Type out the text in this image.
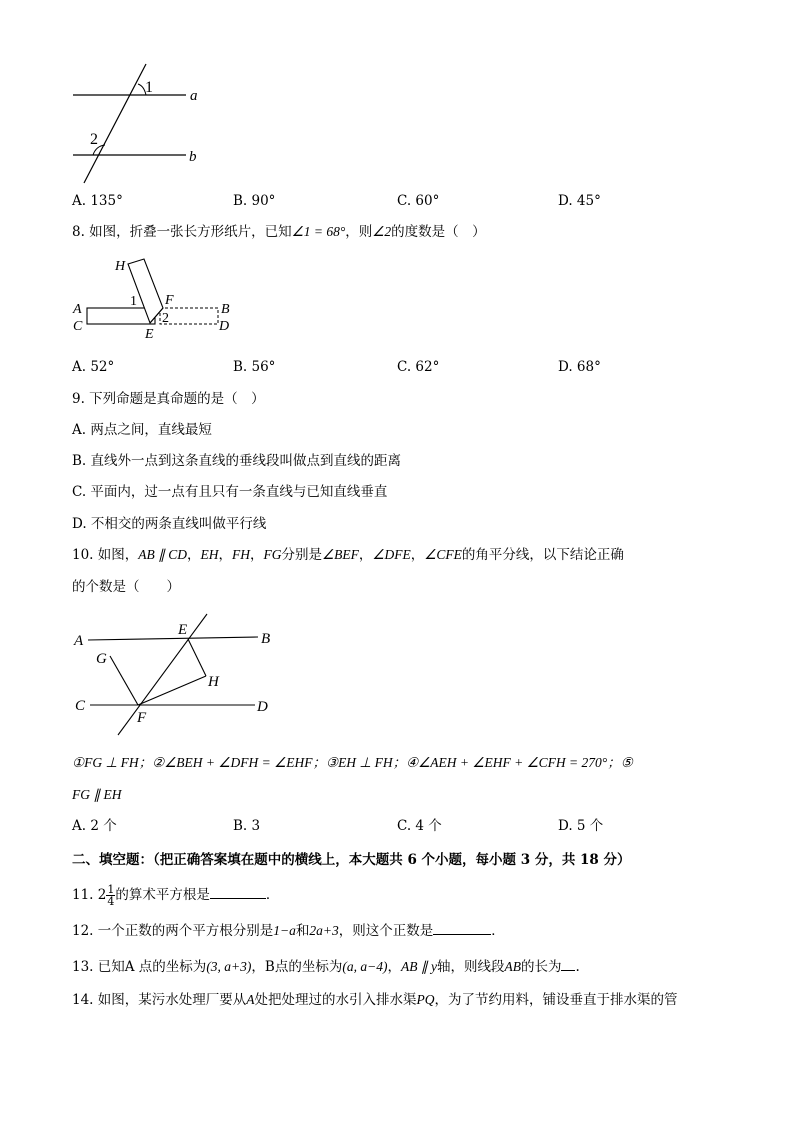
1
2
a
b
A. 135°	B. 90°	C. 60°	D. 45°
8. 如图，折叠一张长方形纸片，已知∠1 = 68°，则∠2的度数是（　）
H
A
C
1 F
2
E
B
D
A. 52°	B. 56°	C. 62°	D. 68°
9. 下列命题是真命题的是（　）
A. 两点之间，直线最短
B. 直线外一点到这条直线的垂线段叫做点到直线的距离
C. 平面内，过一点有且只有一条直线与已知直线垂直
D. 不相交的两条直线叫做平行线
10. 如图，AB ∥ CD，EH，FH，FG分别是∠BEF，∠DFE，∠CFE的角平分线，以下结论正确
的个数是（　　）
A
E
B
G
H
C	D
F
①FG ⊥ FH；②∠BEH + ∠DFH = ∠EHF；③EH ⊥ FH；④∠AEH + ∠EHF + ∠CFH = 270°；⑤
FG ∥ EH
A. 2 个	B. 3	C. 4 个	D. 5 个
二、填空题：（把正确答案填在题中的横线上，本大题共 6 个小题，每小题 3 分，共 18 分）
11. $2 \frac{1}{4}$ 的算术平方根是	．
12. 一个正数的两个平方根分别是1−a和2a+3，则这个正数是	．
13. 已知A 点的坐标为(3, a+3)，B点的坐标为(a, a−4)，AB ∥ y轴，则线段AB的长为 .
14. 如图，某污水处理厂要从A处把处理过的水引入排水渠PQ，为了节约用料，铺设垂直于排水渠的管
